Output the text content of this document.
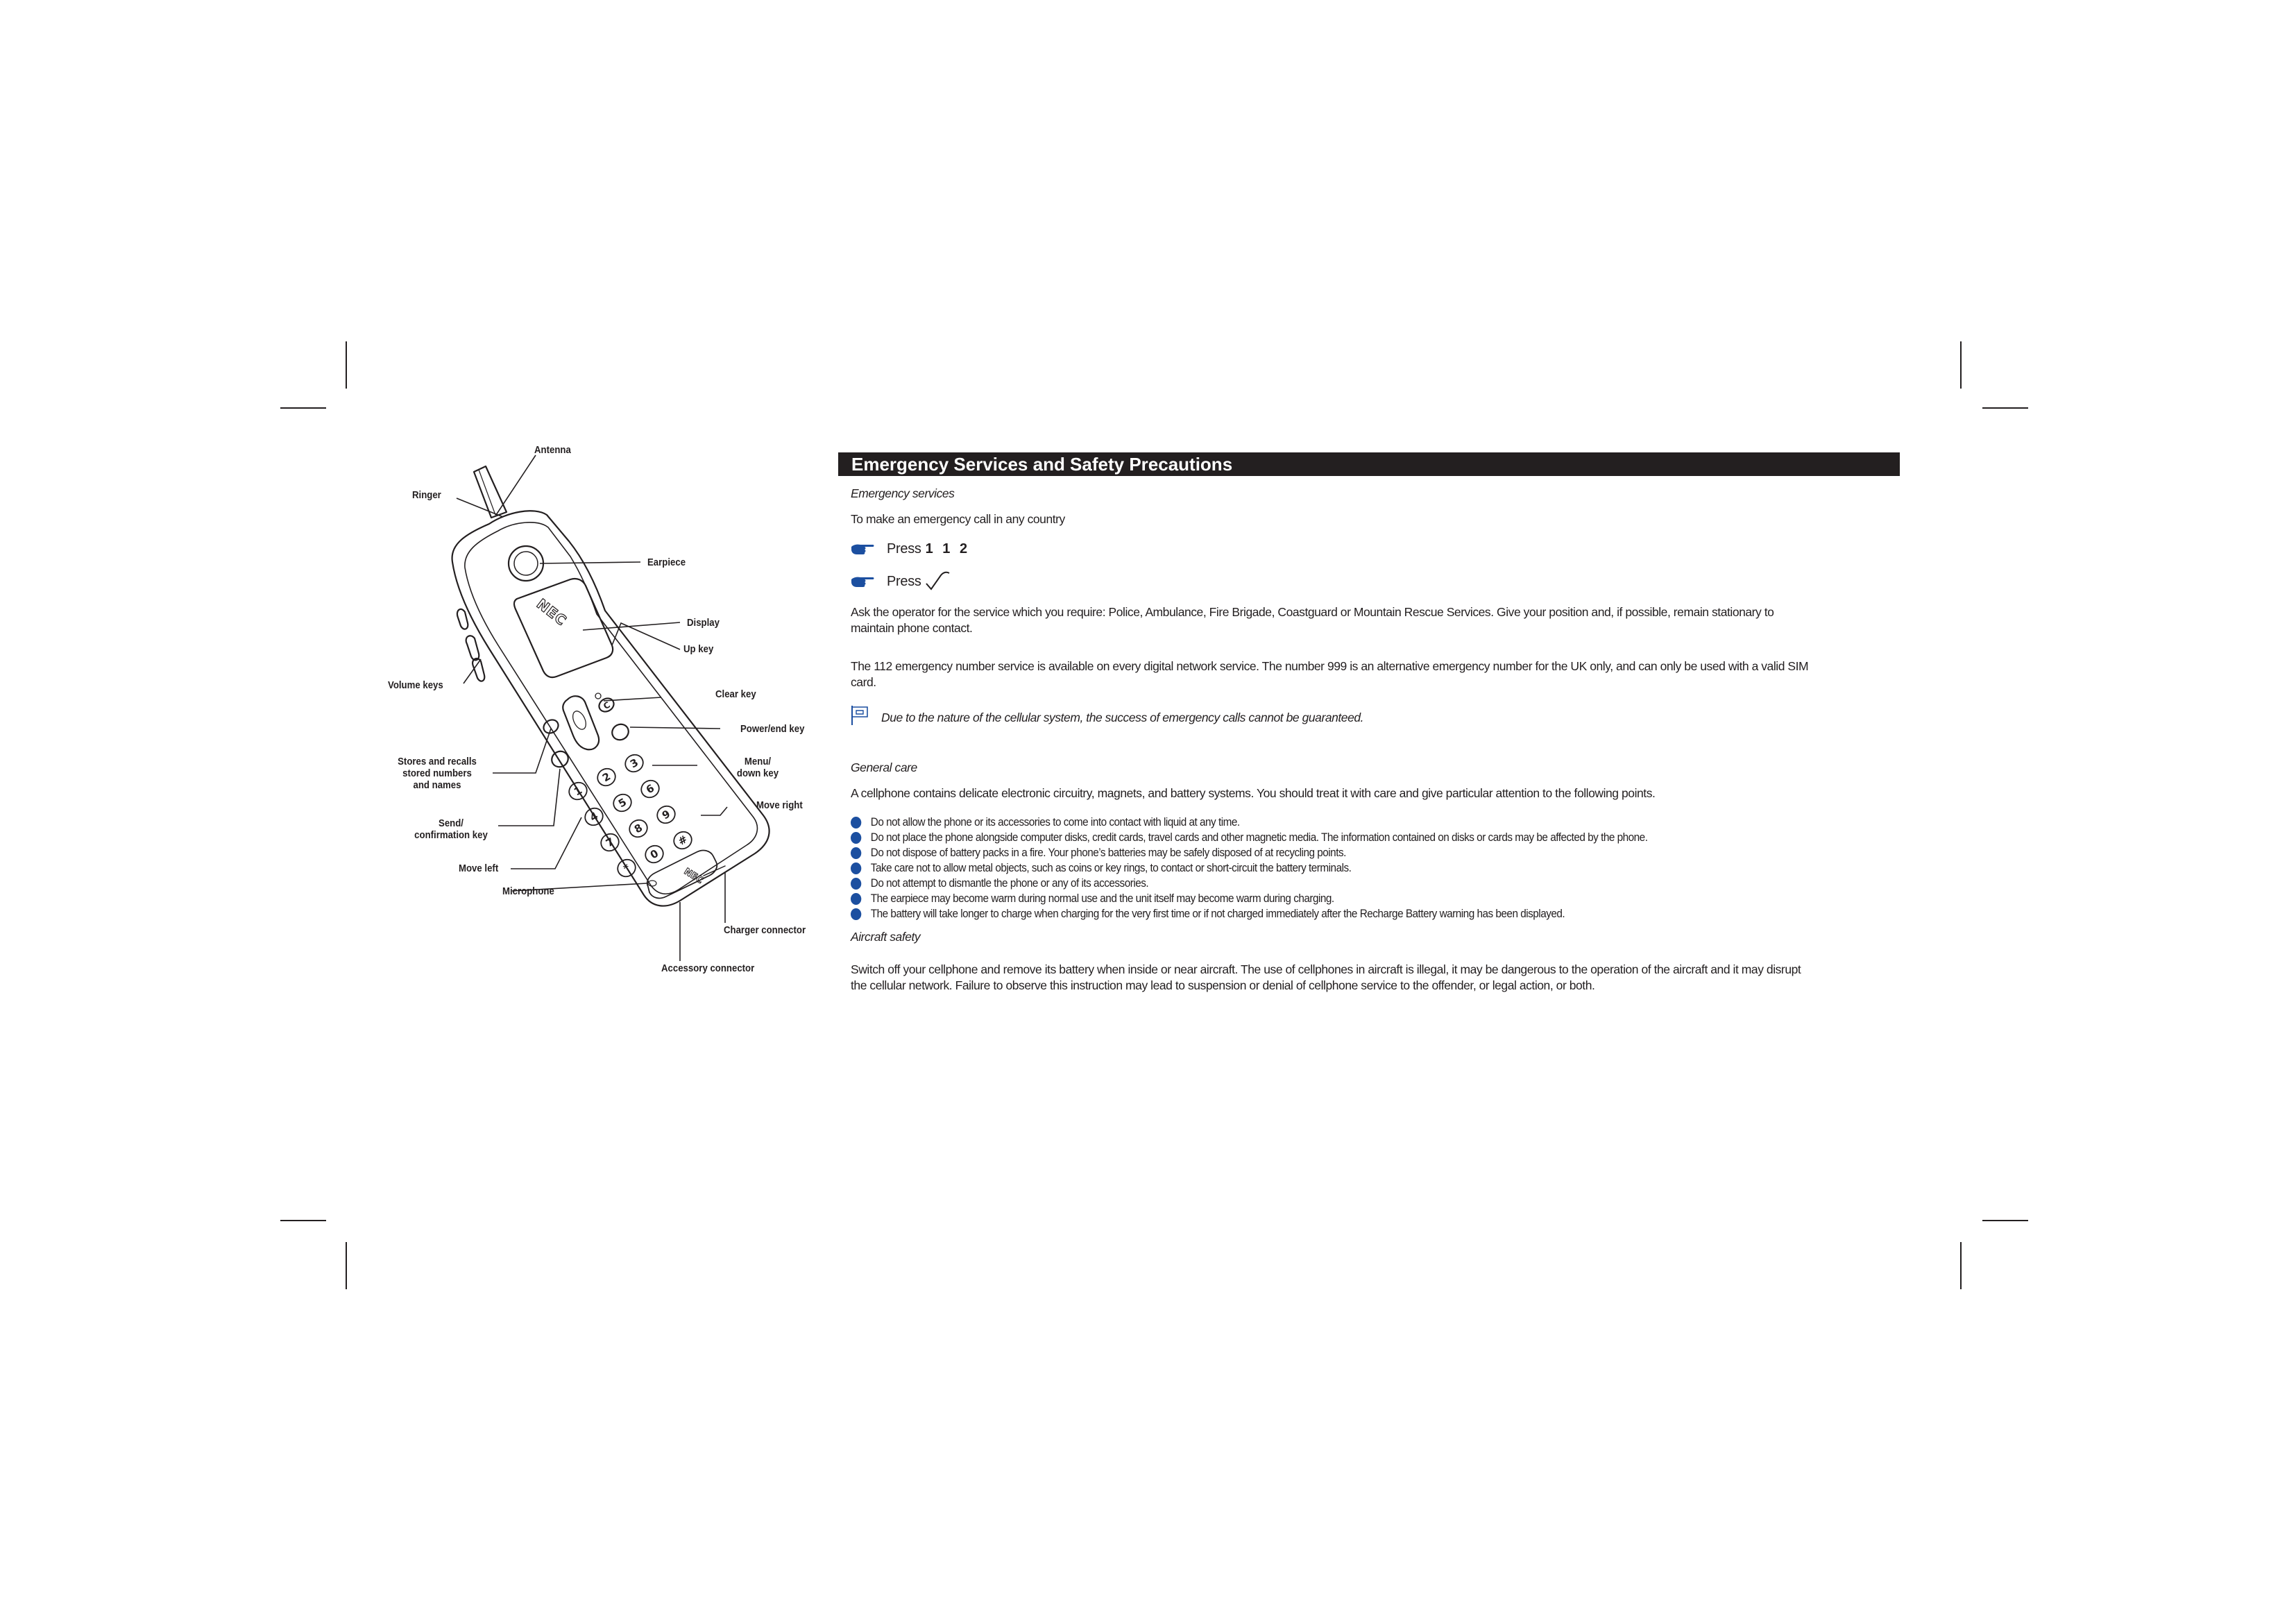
1
2
3
4
5
6
7
8
9
*
0
#
C
NEC
NEC
Antenna
Ringer
Earpiece
Display
Up key
Volume keys
Clear key
Power/end key
Stores and recalls
stored numbers
and names
Menu/
down key
Move right
Send/
confirmation key
Move left
Microphone
Charger connector
Accessory connector
Emergency Services and Safety Precautions
Emergency services
To make an emergency call in any country
Press 1 1 2
Press
Ask the operator for the service which you require: Police, Ambulance, Fire Brigade, Coastguard or Mountain Rescue Services. Give your position and, if possible, remain stationary to
maintain phone contact.
The 112 emergency number service is available on every digital network service. The number 999 is an alternative emergency number for the UK only, and can only be used with a valid SIM
card.
Due to the nature of the cellular system, the success of emergency calls cannot be guaranteed.
General care
A cellphone contains delicate electronic circuitry, magnets, and battery systems. You should treat it with care and give particular attention to the following points.
Do not allow the phone or its accessories to come into contact with liquid at any time.
Do not place the phone alongside computer disks, credit cards, travel cards and other magnetic media. The information contained on disks or cards may be affected by the phone.
Do not dispose of battery packs in a fire. Your phone’s batteries may be safely disposed of at recycling points.
Take care not to allow metal objects, such as coins or key rings, to contact or short-circuit the battery terminals.
Do not attempt to dismantle the phone or any of its accessories.
The earpiece may become warm during normal use and the unit itself may become warm during charging.
The battery will take longer to charge when charging for the very first time or if not charged immediately after the Recharge Battery warning has been displayed.
Aircraft safety
Switch off your cellphone and remove its battery when inside or near aircraft. The use of cellphones in aircraft is illegal, it may be dangerous to the operation of the aircraft and it may disrupt
the cellular network. Failure to observe this instruction may lead to suspension or denial of cellphone service to the offender, or legal action, or both.
